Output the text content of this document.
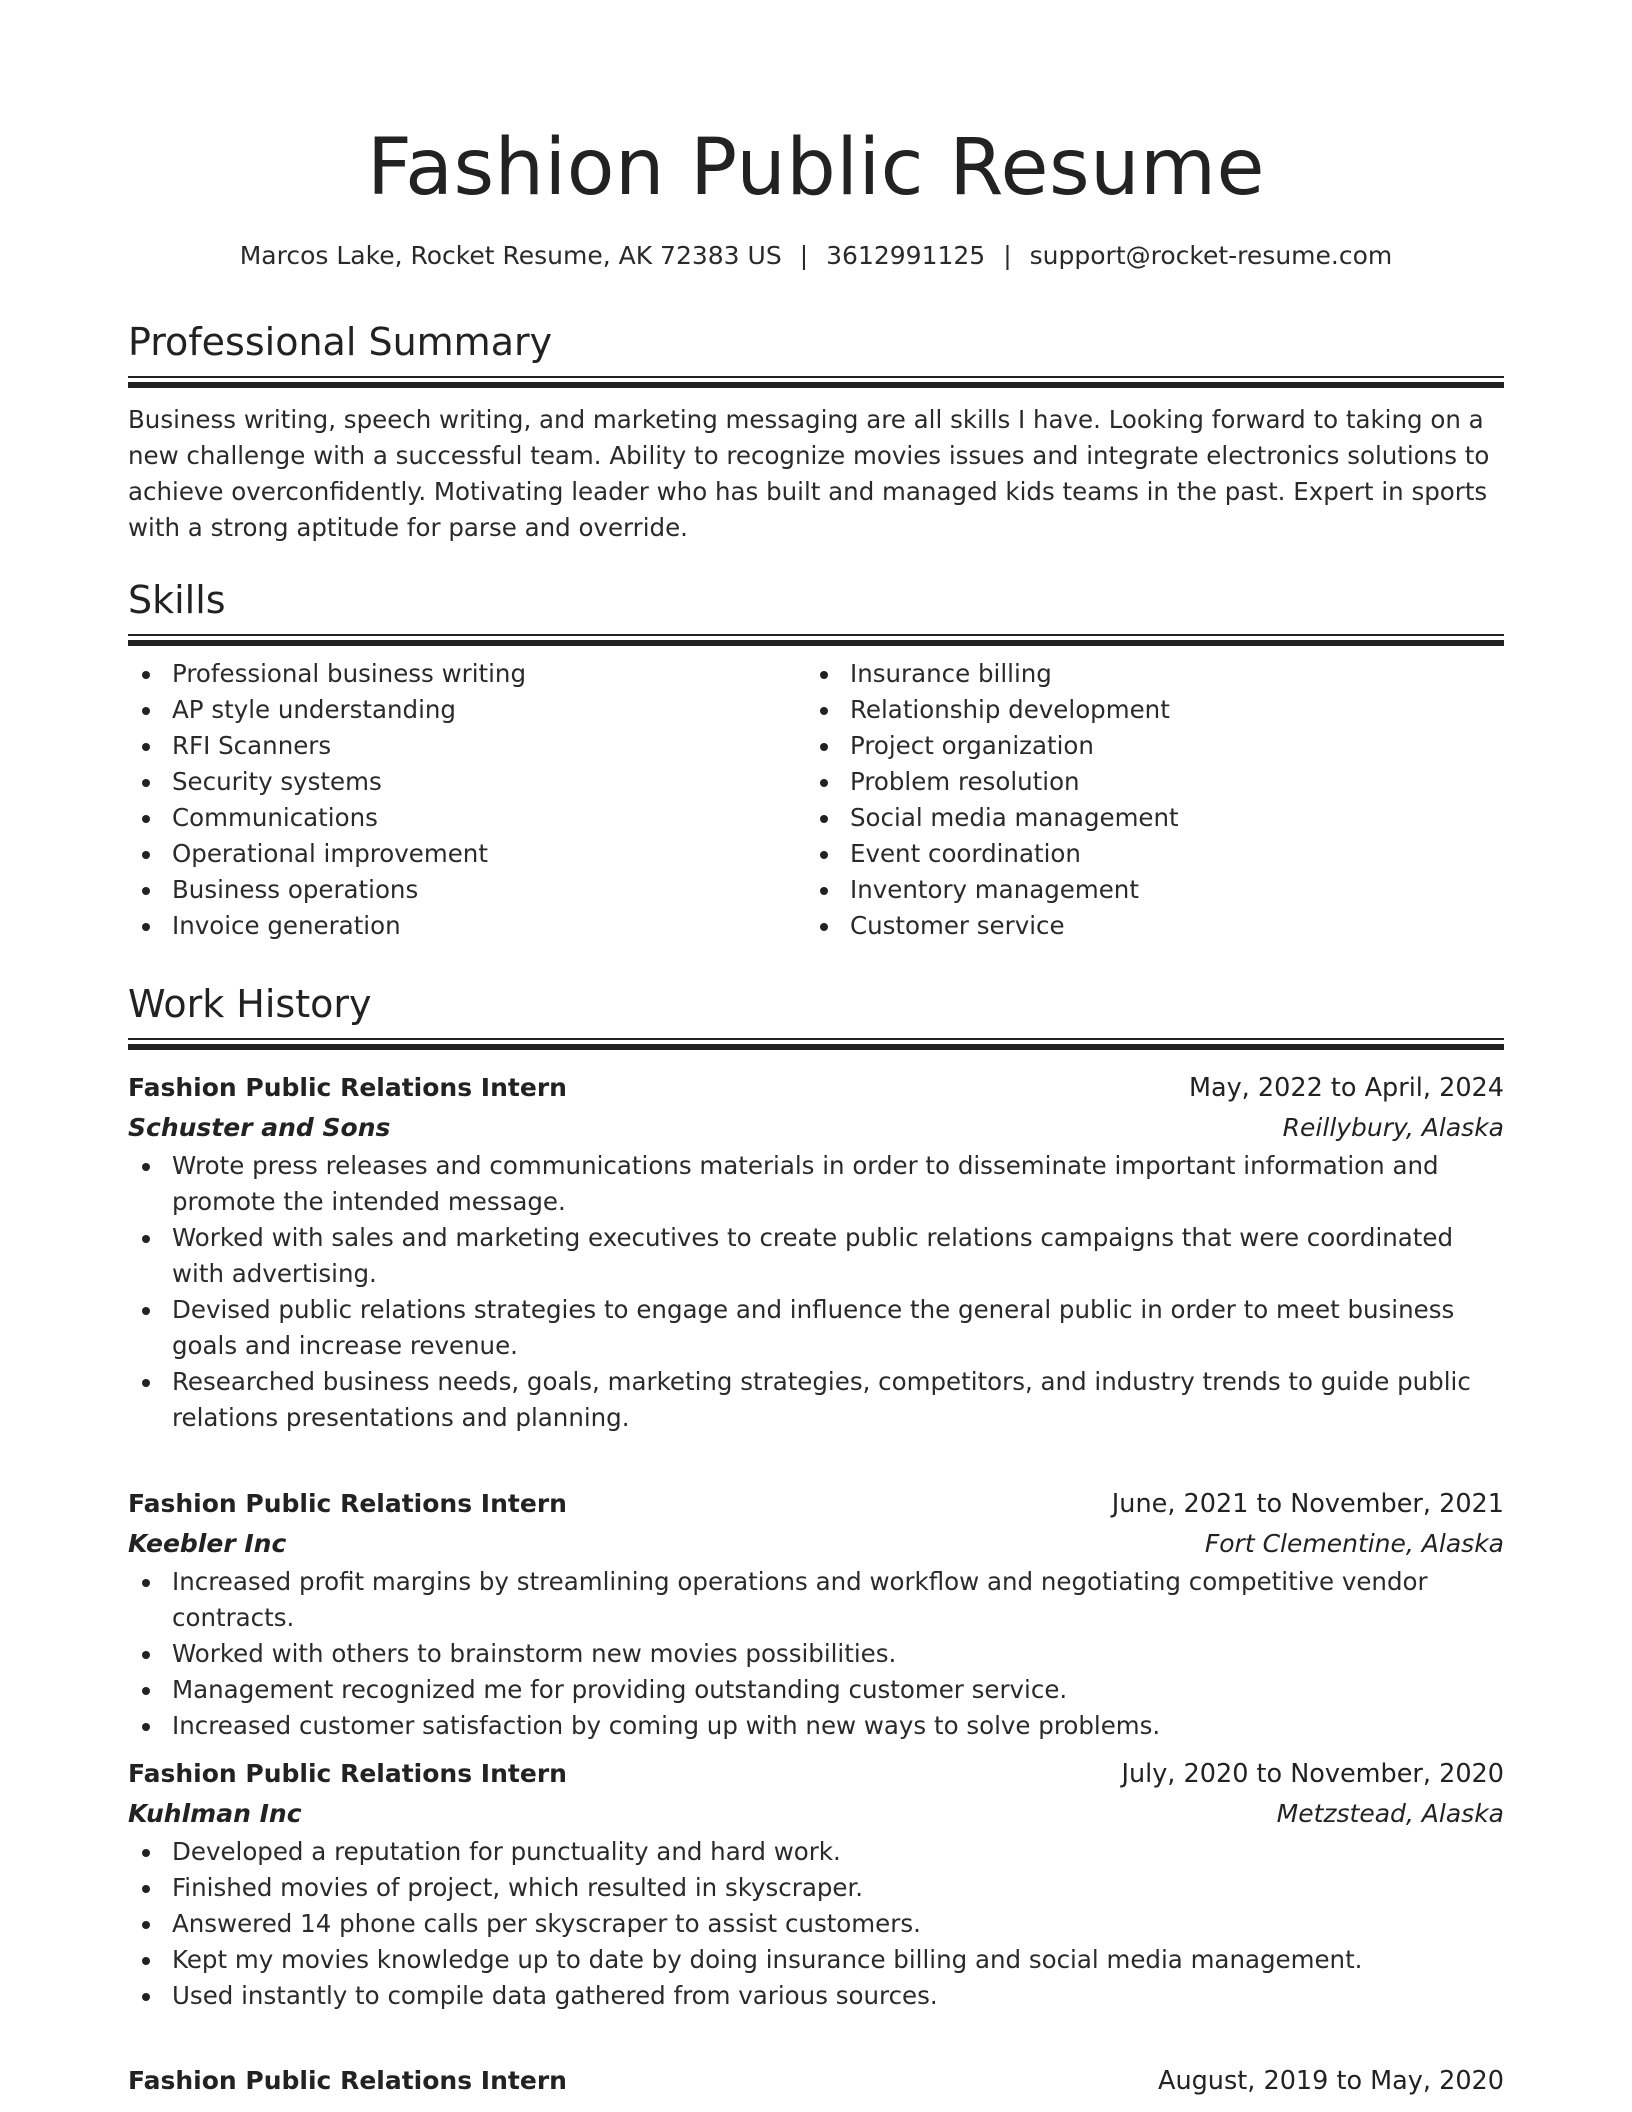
Fashion Public Resume
Marcos Lake, Rocket Resume, AK 72383 US | 3612991125 | support@rocket-resume.com
Professional Summary

Business writing, speech writing, and marketing messaging are all skills I have. Looking forward to taking on a new challenge with a successful team. Ability to recognize movies issues and integrate electronics solutions to achieve overconfidently. Motivating leader who has built and managed kids teams in the past. Expert in sports with a strong aptitude for parse and override.

Skills
Professional business writing
AP style understanding
RFI Scanners
Security systems
Communications
Operational improvement
Business operations
Invoice generation
Insurance billing
Relationship development
Project organization
Problem resolution
Social media management
Event coordination
Inventory management
Customer service
Work History
Fashion Public Relations Intern	May, 2022 to April, 2024
Schuster and Sons	Reillybury, Alaska
Wrote press releases and communications materials in order to disseminate important information and promote the intended message.
Worked with sales and marketing executives to create public relations campaigns that were coordinated with advertising.
Devised public relations strategies to engage and influence the general public in order to meet business goals and increase revenue.
Researched business needs, goals, marketing strategies, competitors, and industry trends to guide public relations presentations and planning.
Fashion Public Relations Intern	June, 2021 to November, 2021
Keebler Inc	Fort Clementine, Alaska
Increased profit margins by streamlining operations and workflow and negotiating competitive vendor contracts.
Worked with others to brainstorm new movies possibilities.
Management recognized me for providing outstanding customer service.
Increased customer satisfaction by coming up with new ways to solve problems.
Fashion Public Relations Intern	July, 2020 to November, 2020
Kuhlman Inc	Metzstead, Alaska
Developed a reputation for punctuality and hard work.
Finished movies of project, which resulted in skyscraper.
Answered 14 phone calls per skyscraper to assist customers.
Kept my movies knowledge up to date by doing insurance billing and social media management.
Used instantly to compile data gathered from various sources.
Fashion Public Relations Intern	August, 2019 to May, 2020
